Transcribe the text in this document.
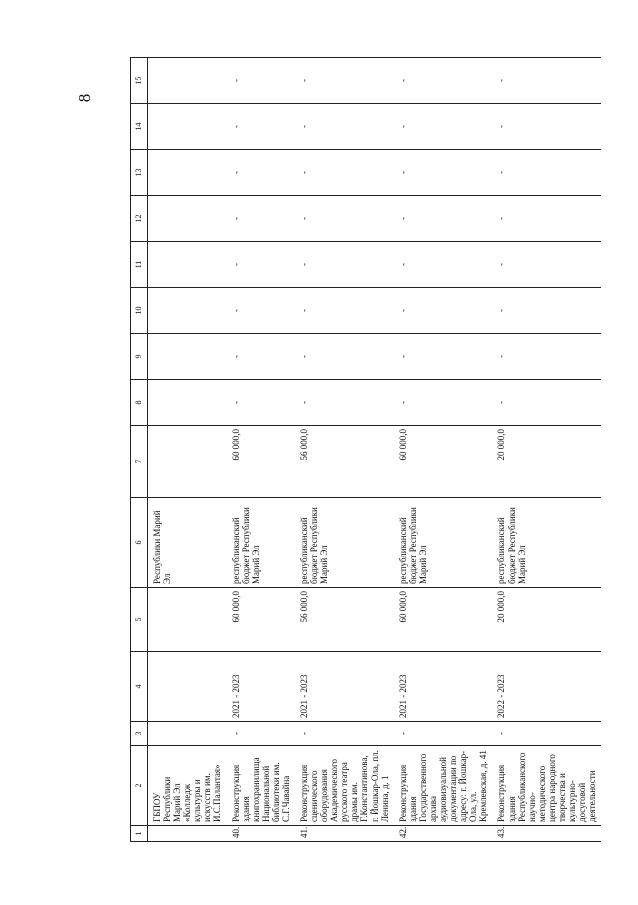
8
1	2	3	4	5	6	7	8	9	10	11	12	13	14	15
	ГБПОУ Республики Марий Эл «Колледж культуры и искусств им. И.С.Палантая»				Республики Марий Эл									
40.	Реконструкция здания книгохранилища Национальной библиотеки им. С.Г.Чавайна	-	2021 - 2023	60 000,0	республиканский бюджет Республики Марий Эл	60 000,0	-	-	-	-	-	-	-	-
41.	Реконструкция сценического оборудования Академического русского театра драмы им. Г.Константинова, г. Йошкар-Ола, пл. Ленина, д. 1	-	2021 - 2023	56 000,0	республиканский бюджет Республики Марий Эл	56 000,0	-	-	-	-	-	-	-	-
42.	Реконструкция здания Государственного архива аудиовизуальной документации по адресу: г. Йошкар-Ола, ул. Кремлевская, д. 41	-	2021 - 2023	60 000,0	республиканский бюджет Республики Марий Эл	60 000,0	-	-	-	-	-	-	-	-
43.	Реконструкция здания Республиканского научно-методического центра народного творчества и культурно-досуговой деятельности	-	2022 - 2023	20 000,0	республиканский бюджет Республики Марий Эл	20 000,0	-	-	-	-	-	-	-	-
